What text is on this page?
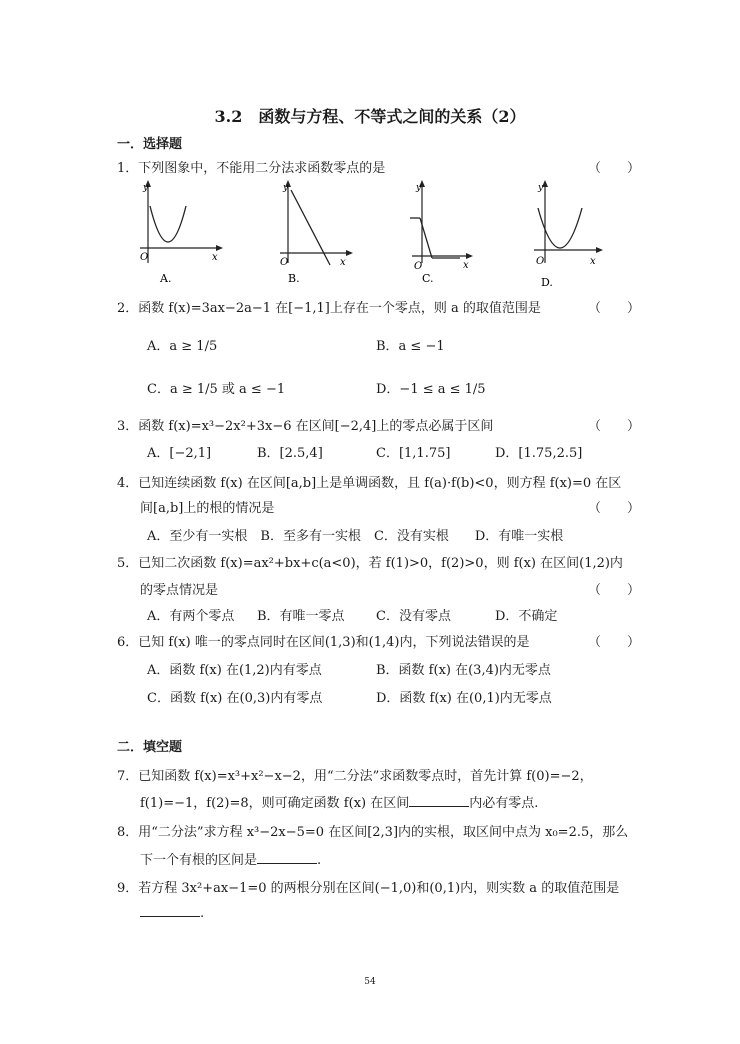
3.2　函数与方程、不等式之间的关系（2）
一．选择题
1．下列图象中，不能用二分法求函数零点的是	（　　）
y
O	x
A.
y
O	x
B.
y
O	x
C.
y
O	x
D.
2．函数 f(x)=3ax−2a−1 在[−1,1]上存在一个零点，则 a 的取值范围是	（　　）
A．a ≥ 1/5	B．a ≤ −1
C．a ≥ 1/5 或 a ≤ −1	D．−1 ≤ a ≤ 1/5
3．函数 f(x)=x³−2x²+3x−6 在区间[−2,4]上的零点必属于区间	（　　）
A．[−2,1]	B．[2.5,4]	C．[1,1.75]	D．[1.75,2.5]
4．已知连续函数 f(x) 在区间[a,b]上是单调函数，且 f(a)·f(b)<0，则方程 f(x)=0 在区
间[a,b]上的根的情况是	（　　）
A．至少有一实根　B．至多有一实根　C．没有实根　　D．有唯一实根
5．已知二次函数 f(x)=ax²+bx+c(a<0)，若 f(1)>0，f(2)>0，则 f(x) 在区间(1,2)内
的零点情况是	（　　）
A．有两个零点 B．有唯一零点 C．没有零点	D．不确定
6．已知 f(x) 唯一的零点同时在区间(1,3)和(1,4)内，下列说法错误的是	（　　）
A．函数 f(x) 在(1,2)内有零点	B．函数 f(x) 在(3,4)内无零点
C．函数 f(x) 在(0,3)内有零点	D．函数 f(x) 在(0,1)内无零点
二．填空题
7．已知函数 f(x)=x³+x²−x−2，用“二分法”求函数零点时，首先计算 f(0)=−2，
f(1)=−1，f(2)=8，则可确定函数 f(x) 在区间	内必有零点.
8．用“二分法”求方程 x³−2x−5=0 在区间[2,3]内的实根，取区间中点为 x₀=2.5，那么
下一个有根的区间是	.
9．若方程 3x²+ax−1=0 的两根分别在区间(−1,0)和(0,1)内，则实数 a 的取值范围是
.
54
